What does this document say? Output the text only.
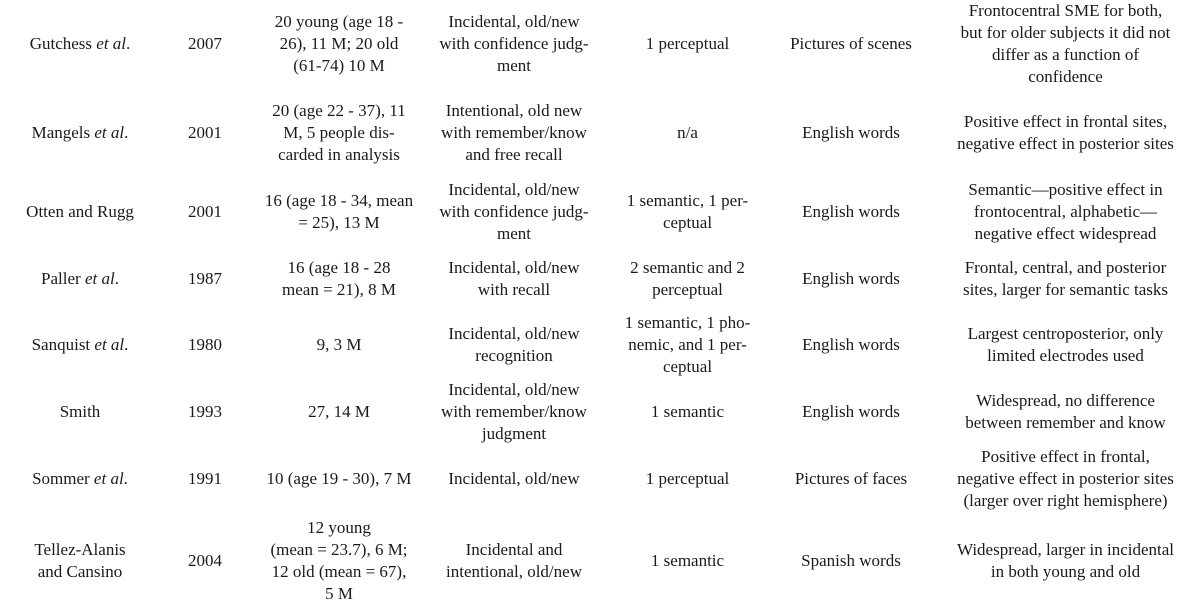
Gutchess et al.	2007	20 young (age 18 -
26), 11 M; 20 old
(61-74) 10 M	Incidental, old/new
with confidence judg-
ment	1 perceptual	Pictures of scenes	Frontocentral SME for both,
but for older subjects it did not
differ as a function of
confidence
Mangels et al.	2001	20 (age 22 - 37), 11
M, 5 people dis-
carded in analysis	Intentional, old new
with remember/know
and free recall	n/a	English words	Positive effect in frontal sites,
negative effect in posterior sites
Otten and Rugg	2001	16 (age 18 - 34, mean
= 25), 13 M	Incidental, old/new
with confidence judg-
ment	1 semantic, 1 per-
ceptual	English words	Semantic—positive effect in
frontocentral, alphabetic—
negative effect widespread
Paller et al.	1987	16 (age 18 - 28
mean = 21), 8 M	Incidental, old/new
with recall	2 semantic and 2
perceptual	English words	Frontal, central, and posterior
sites, larger for semantic tasks
Sanquist et al.	1980	9, 3 M	Incidental, old/new
recognition	1 semantic, 1 pho-
nemic, and 1 per-
ceptual	English words	Largest centroposterior, only
limited electrodes used
Smith	1993	27, 14 M	Incidental, old/new
with remember/know
judgment	1 semantic	English words	Widespread, no difference
between remember and know
Sommer et al.	1991	10 (age 19 - 30), 7 M	Incidental, old/new	1 perceptual	Pictures of faces	Positive effect in frontal,
negative effect in posterior sites
(larger over right hemisphere)
Tellez-Alanis
and Cansino	2004	12 young
(mean = 23.7), 6 M;
12 old (mean = 67),
5 M	Incidental and
intentional, old/new	1 semantic	Spanish words	Widespread, larger in incidental
in both young and old
